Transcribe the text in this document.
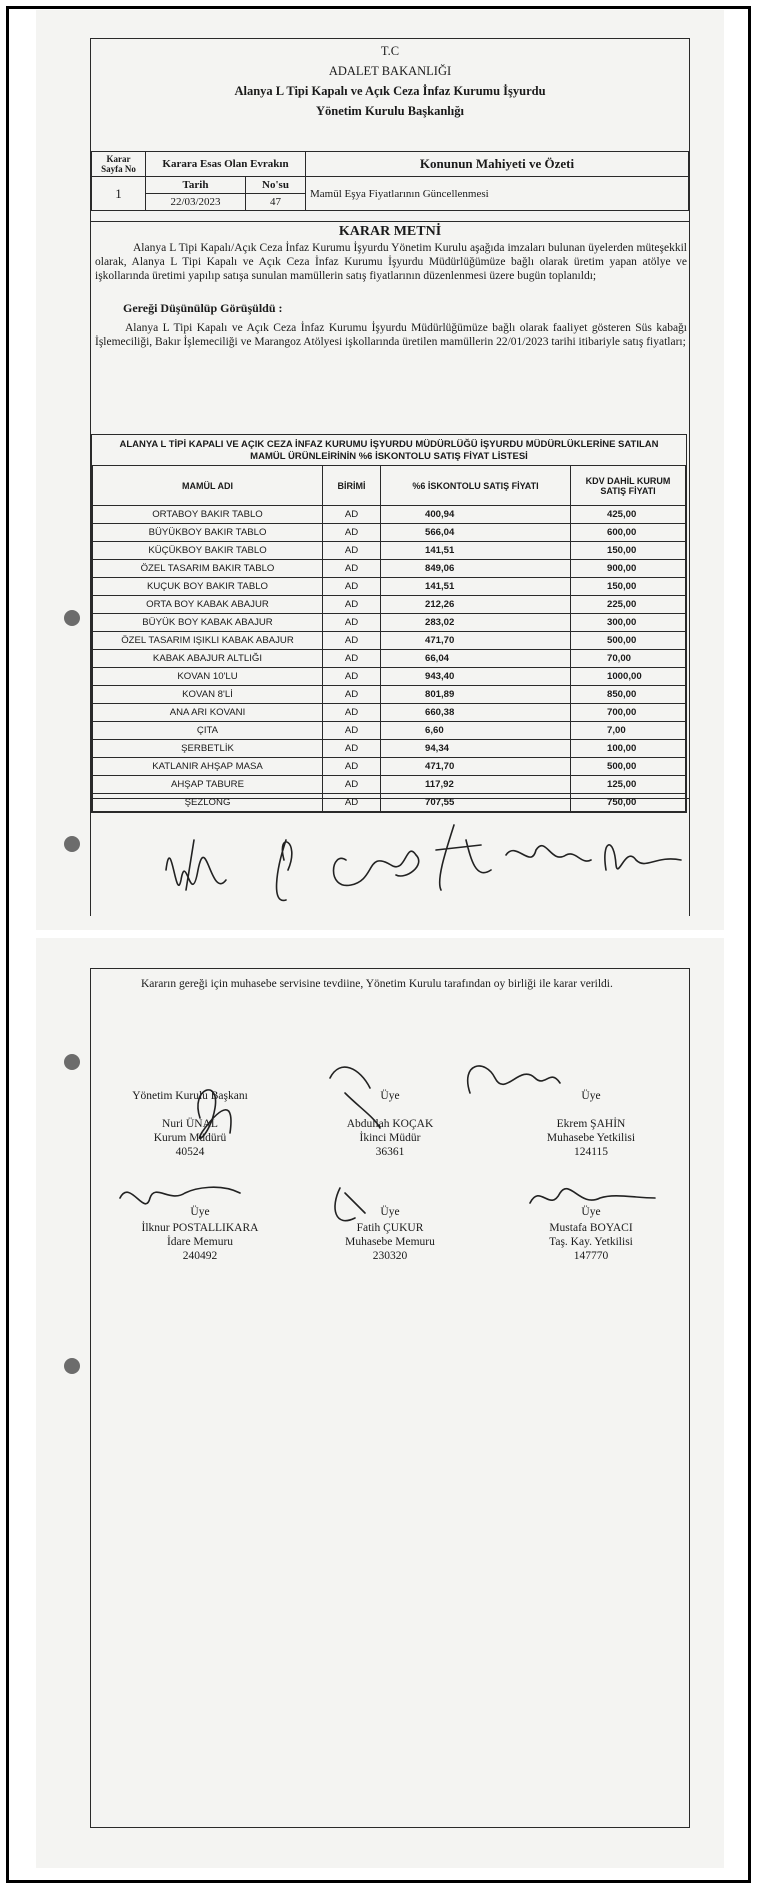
T.C
ADALET BAKANLIĞI
Alanya L Tipi Kapalı ve Açık Ceza İnfaz Kurumu İşyurdu
Yönetim Kurulu Başkanlığı
Karar Sayfa No	Karara Esas Olan Evrakın		Konunun Mahiyeti ve Özeti

1	Tarih	No'su	Mamül Eşya Fiyatlarının Güncellenmesi
	22/03/2023	47	
KARAR METNİ
Alanya L Tipi Kapalı/Açık Ceza İnfaz Kurumu İşyurdu Yönetim Kurulu aşağıda imzaları bulunan üyelerden müteşekkil olarak, Alanya L Tipi Kapalı ve Açık Ceza İnfaz Kurumu İşyurdu Müdürlüğümüze bağlı olarak üretim yapan atölye ve işkollarında üretimi yapılıp satışa sunulan mamüllerin satış fiyatlarının düzenlenmesi üzere bugün toplanıldı;
Gereği Düşünülüp Görüşüldü :
Alanya L Tipi Kapalı ve Açık Ceza İnfaz Kurumu İşyurdu Müdürlüğümüze bağlı olarak faaliyet gösteren Süs kabağı İşlemeciliği, Bakır İşlemeciliği ve Marangoz Atölyesi işkollarında üretilen mamüllerin 22/01/2023 tarihi itibariyle satış fiyatları;
ALANYA L TİPİ KAPALI VE AÇIK CEZA İNFAZ KURUMU İŞYURDU MÜDÜRLÜĞÜ İŞYURDU MÜDÜRLÜKLERİNE SATILAN MAMÜL ÜRÜNLEİRİNİN %6 İSKONTOLU SATIŞ FİYAT LİSTESİ
MAMÜL ADI	BİRİMİ	%6 İSKONTOLU SATIŞ FİYATI	KDV DAHİL KURUM SATIŞ FİYATI
ORTABOY BAKIR TABLO	AD	400,94	425,00
BÜYÜKBOY BAKIR TABLO	AD	566,04	600,00
KÜÇÜKBOY BAKIR TABLO	AD	141,51	150,00
ÖZEL TASARIM BAKIR TABLO	AD	849,06	900,00
KUÇUK BOY BAKIR TABLO	AD	141,51	150,00
ORTA BOY KABAK ABAJUR	AD	212,26	225,00
BÜYÜK BOY KABAK ABAJUR	AD	283,02	300,00
ÖZEL TASARIM IŞIKLI KABAK ABAJUR	AD	471,70	500,00
KABAK ABAJUR ALTLIĞI	AD	66,04	70,00
KOVAN 10'LU	AD	943,40	1000,00
KOVAN 8'Lİ	AD	801,89	850,00
ANA ARI KOVANI	AD	660,38	700,00
ÇITA	AD	6,60	7,00
ŞERBETLİK	AD	94,34	100,00
KATLANIR AHŞAP MASA	AD	471,70	500,00
AHŞAP TABURE	AD	117,92	125,00
ŞEZLONG	AD	707,55	750,00
Kararın gereği için muhasebe servisine tevdiine, Yönetim Kurulu tarafından oy birliği ile karar verildi.
Yönetim Kurulu Başkanı
Nuri ÜNAL
Kurum Müdürü
40524
Üye
Abdullah KOÇAK
İkinci Müdür
36361
Üye
Ekrem ŞAHİN
Muhasebe Yetkilisi
124115
Üye
İlknur POSTALLIKARA
İdare Memuru
240492
Üye
Fatih ÇUKUR
Muhasebe Memuru
230320
Üye
Mustafa BOYACI
Taş. Kay. Yetkilisi
147770
